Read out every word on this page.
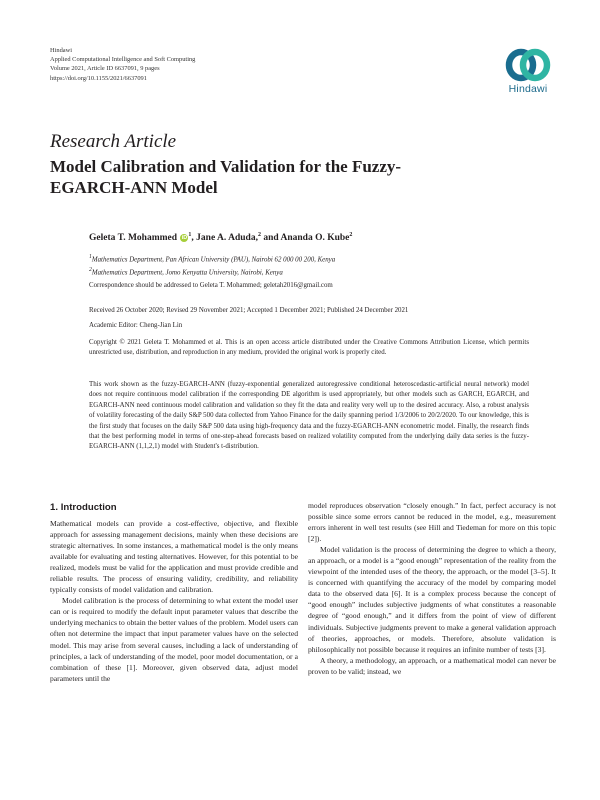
Hindawi
Applied Computational Intelligence and Soft Computing
Volume 2021, Article ID 6637091, 9 pages
https://doi.org/10.1155/2021/6637091
Hindawi
Research Article
Model Calibration and Validation for the Fuzzy-EGARCH-ANN Model
Geleta T. Mohammed $iD^1$, Jane A. Aduda,$^2$ and Ananda O. Kube$^2$
$^1$Mathematics Department, Pan African University (PAU), Nairobi 62 000 00 200, Kenya
$^2$Mathematics Department, Jomo Kenyatta University, Nairobi, Kenya
Correspondence should be addressed to Geleta T. Mohammed; geletah2016@gmail.com
Received 26 October 2020; Revised 29 November 2021; Accepted 1 December 2021; Published 24 December 2021
Academic Editor: Cheng-Jian Lin
Copyright © 2021 Geleta T. Mohammed et al. This is an open access article distributed under the Creative Commons Attribution License, which permits unrestricted use, distribution, and reproduction in any medium, provided the original work is properly cited.
This work shown as the fuzzy-EGARCH-ANN (fuzzy-exponential generalized autoregressive conditional heteroscedastic-artificial neural network) model does not require continuous model calibration if the corresponding DE algorithm is used appropriately, but other models such as GARCH, EGARCH, and EGARCH-ANN need continuous model calibration and validation so they fit the data and reality very well up to the desired accuracy. Also, a robust analysis of volatility forecasting of the daily S&P 500 data collected from Yahoo Finance for the daily spanning period 1/3/2006 to 20/2/2020. To our knowledge, this is the first study that focuses on the daily S&P 500 data using high-frequency data and the fuzzy-EGARCH-ANN econometric model. Finally, the research finds that the best performing model in terms of one-step-ahead forecasts based on realized volatility computed from the underlying daily data series is the fuzzy-EGARCH-ANN (1,1,2,1) model with Student's t-distribution.
1. Introduction

Mathematical models can provide a cost-effective, objective, and flexible approach for assessing management decisions, mainly when these decisions are strategic alternatives. In some instances, a mathematical model is the only means available for evaluating and testing alternatives. However, for this potential to be realized, models must be valid for the application and must provide credible and reliable results. The process of ensuring validity, credibility, and reliability typically consists of model validation and calibration.

Model calibration is the process of determining to what extent the model user can or is required to modify the default input parameter values that describe the underlying mechanics to obtain the better values of the problem. Model users can often not determine the impact that input parameter values have on the selected model. This may arise from several causes, including a lack of understanding of principles, a lack of understanding of the model, poor model documentation, or a combination of these [1]. Moreover, given observed data, adjust model parameters until the

model reproduces observation “closely enough.” In fact, perfect accuracy is not possible since some errors cannot be reduced in the model, e.g., measurement errors inherent in well test results (see Hill and Tiedeman for more on this topic [2]).

Model validation is the process of determining the degree to which a theory, an approach, or a model is a “good enough” representation of the reality from the viewpoint of the intended uses of the theory, the approach, or the model [3–5]. It is concerned with quantifying the accuracy of the model by comparing model data to the observed data [6]. It is a complex process because the concept of “good enough” includes subjective judgments of what constitutes a reasonable degree of “good enough,” and it differs from the point of view of different individuals. Subjective judgments prevent to make a general validation approach of theories, approaches, or models. Therefore, absolute validation is philosophically not possible because it requires an infinite number of tests [3].

A theory, a methodology, an approach, or a mathematical model can never be proven to be valid; instead, we
